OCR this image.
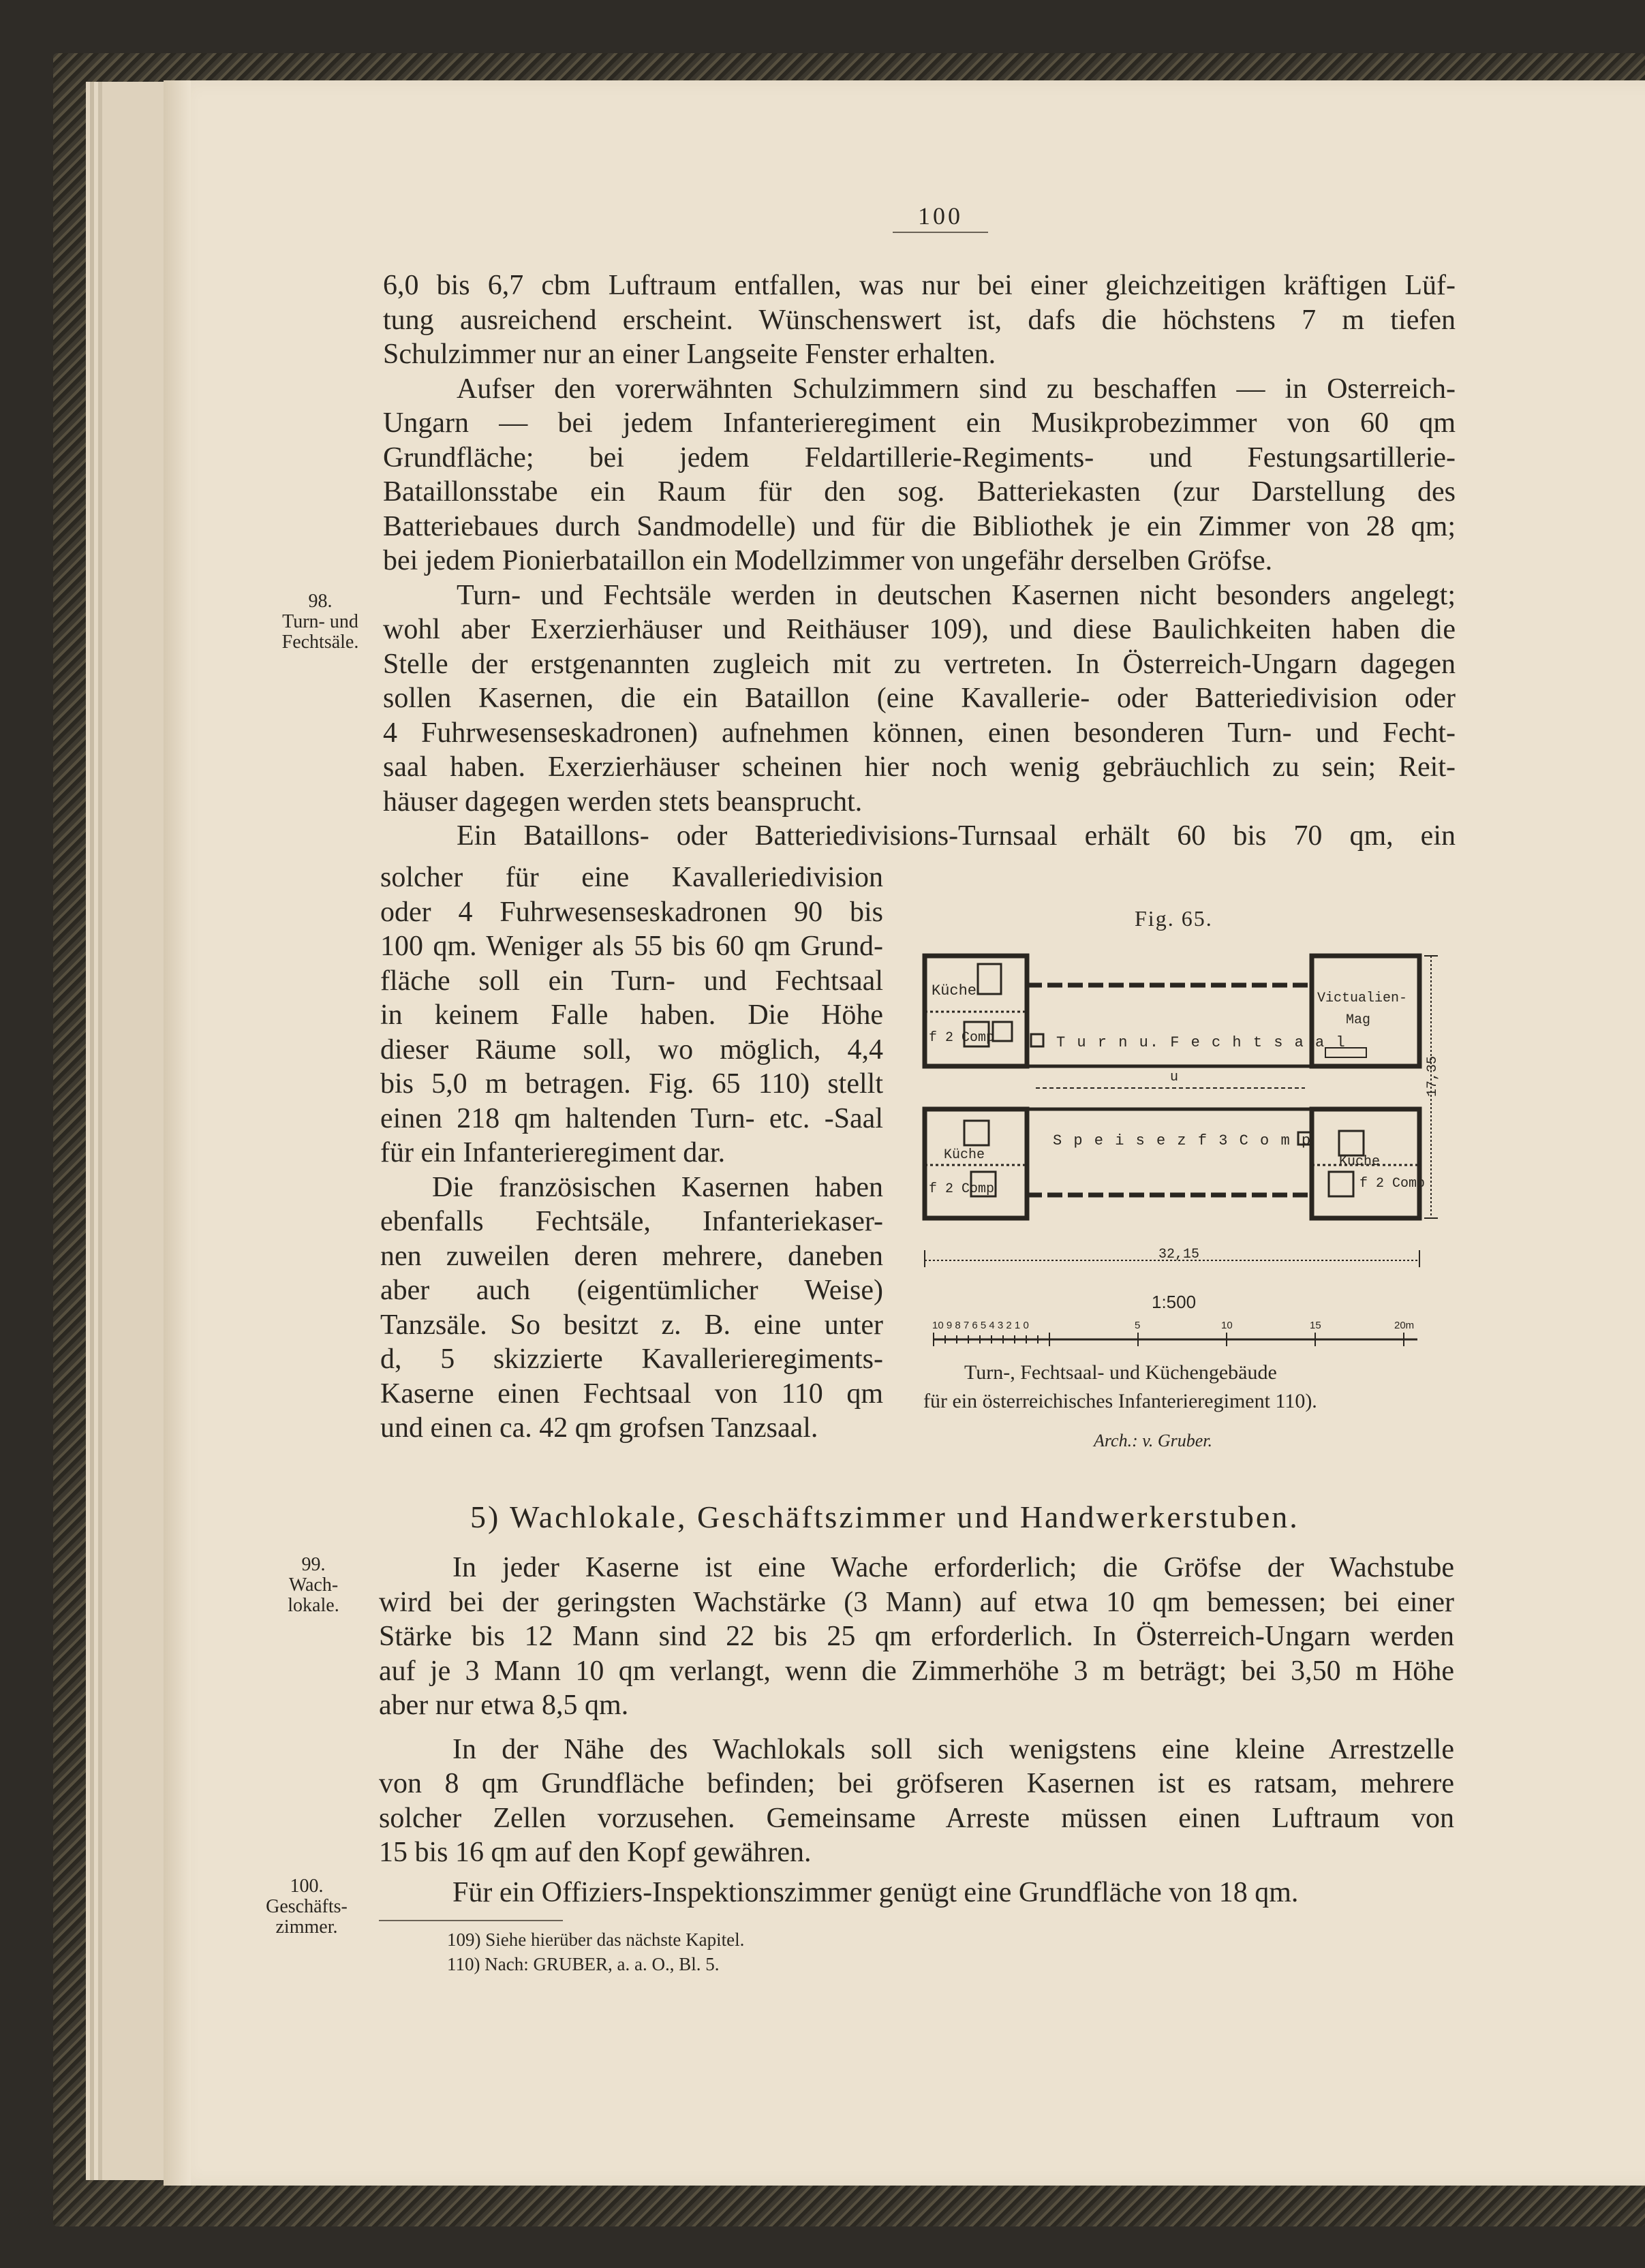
100
98.
Turn- und
Fechtsäle.
99.
Wach-
lokale.
100.
Geschäfts-
zimmer.
6,0 bis 6,7 cbm Luftraum entfallen, was nur bei einer gleichzeitigen kräftigen Lüf-
tung ausreichend erscheint. Wünschenswert ist, dafs die höchstens 7 m tiefen
Schulzimmer nur an einer Langseite Fenster erhalten.
Aufser den vorerwähnten Schulzimmern sind zu beschaffen — in Osterreich-
Ungarn — bei jedem Infanterieregiment ein Musikprobezimmer von 60 qm
Grundfläche; bei jedem Feldartillerie-Regiments- und Festungsartillerie-
Bataillonsstabe ein Raum für den sog. Batteriekasten (zur Darstellung des
Batteriebaues durch Sandmodelle) und für die Bibliothek je ein Zimmer von 28 qm;
bei jedem Pionierbataillon ein Modellzimmer von ungefähr derselben Gröfse.
Turn- und Fechtsäle werden in deutschen Kasernen nicht besonders angelegt;
wohl aber Exerzierhäuser und Reithäuser 109), und diese Baulichkeiten haben die
Stelle der erstgenannten zugleich mit zu vertreten. In Österreich-Ungarn dagegen
sollen Kasernen, die ein Bataillon (eine Kavallerie- oder Batteriedivision oder
4 Fuhrwesenseskadronen) aufnehmen können, einen besonderen Turn- und Fecht-
saal haben. Exerzierhäuser scheinen hier noch wenig gebräuchlich zu sein; Reit-
häuser dagegen werden stets beansprucht.
Ein Bataillons- oder Batteriedivisions-Turnsaal erhält 60 bis 70 qm, ein
solcher für eine Kavalleriedivision
oder 4 Fuhrwesenseskadronen 90 bis
100 qm. Weniger als 55 bis 60 qm Grund-
fläche soll ein Turn- und Fechtsaal
in keinem Falle haben. Die Höhe
dieser Räume soll, wo möglich, 4,4
bis 5,0 m betragen. Fig. 65 110) stellt
einen 218 qm haltenden Turn- etc. -Saal
für ein Infanterieregiment dar.
Die französischen Kasernen haben
ebenfalls Fechtsäle, Infanteriekaser-
nen zuweilen deren mehrere, daneben
aber auch (eigentümlicher Weise)
Tanzsäle. So besitzt z. B. eine unter
d, 5 skizzierte Kavallerieregiments-
Kaserne einen Fechtsaal von 110 qm
und einen ca. 42 qm grofsen Tanzsaal.
Fig. 65.
Küche
f 2 Comp	T u r n u. F e c h t s a a l
u
Victualien-
Mag
S p e i s e z f 3 C o m p
Küche
f 2 Comp
Küche
f 2 Comp
32,15
17,35
1:500
10 9 8 7 6 5 4 3 2 1 0	5	10	15	20m
Turn-, Fechtsaal- und Küchengebäude
für ein österreichisches Infanterieregiment 110).
Arch.: v. Gruber.
5) Wachlokale, Geschäftszimmer und Handwerkerstuben.
In jeder Kaserne ist eine Wache erforderlich; die Gröfse der Wachstube
wird bei der geringsten Wachstärke (3 Mann) auf etwa 10 qm bemessen; bei einer
Stärke bis 12 Mann sind 22 bis 25 qm erforderlich. In Österreich-Ungarn werden
auf je 3 Mann 10 qm verlangt, wenn die Zimmerhöhe 3 m beträgt; bei 3,50 m Höhe
aber nur etwa 8,5 qm.
In der Nähe des Wachlokals soll sich wenigstens eine kleine Arrestzelle
von 8 qm Grundfläche befinden; bei gröfseren Kasernen ist es ratsam, mehrere
solcher Zellen vorzusehen. Gemeinsame Arreste müssen einen Luftraum von
15 bis 16 qm auf den Kopf gewähren.
Für ein Offiziers-Inspektionszimmer genügt eine Grundfläche von 18 qm.
109) Siehe hierüber das nächste Kapitel.
110) Nach: GRUBER, a. a. O., Bl. 5.
